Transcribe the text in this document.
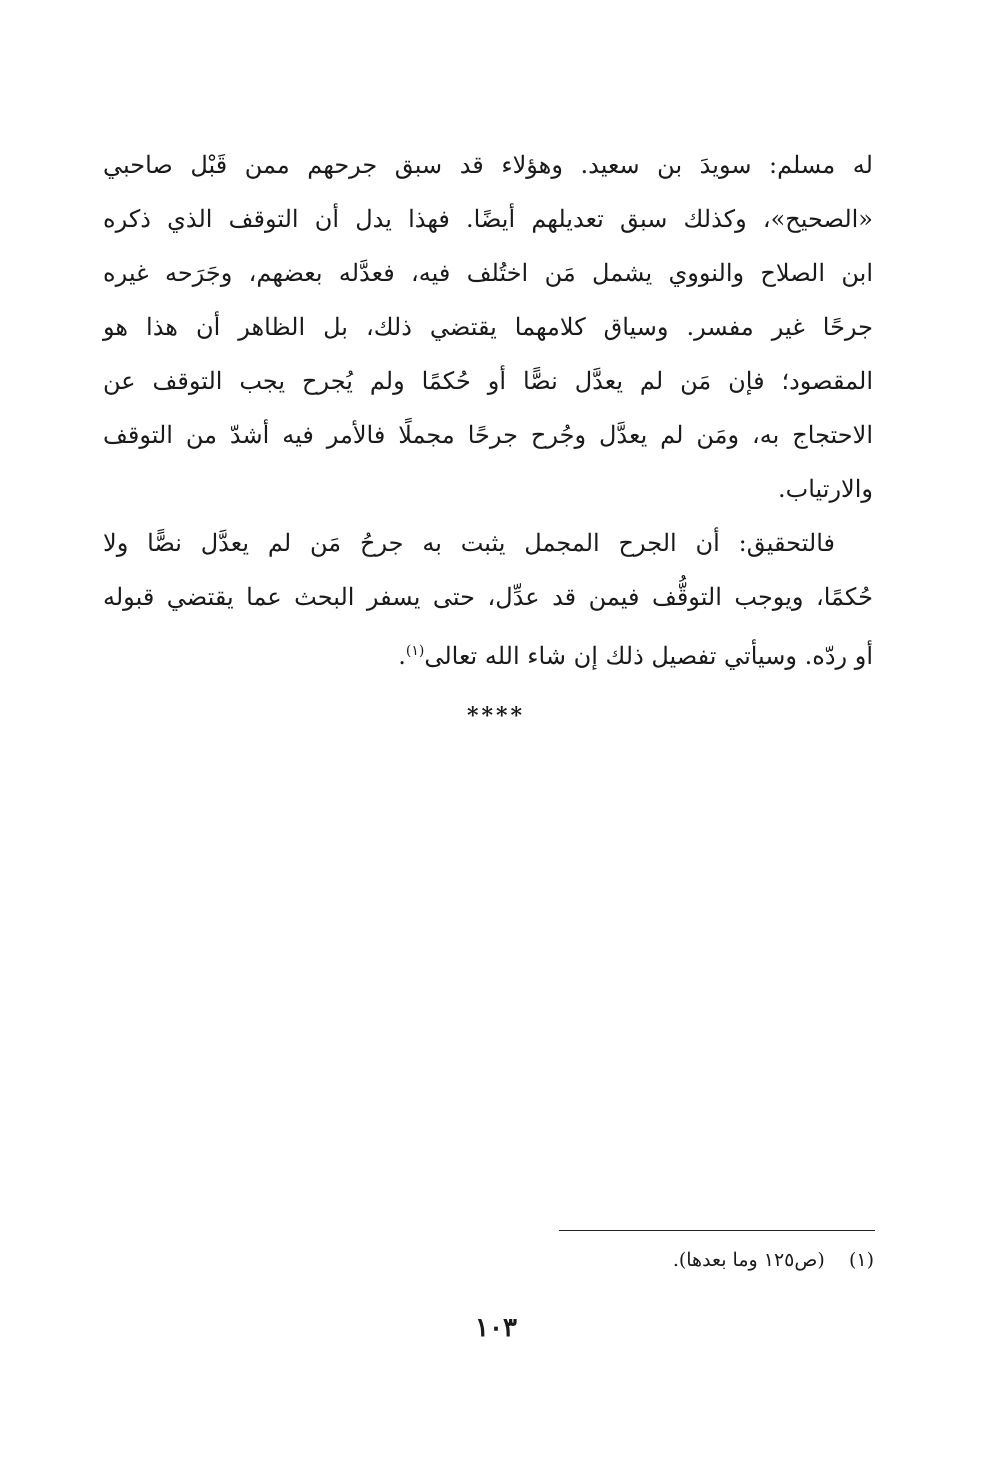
له مسلم: سويدَ بن سعيد. وهؤلاء قد سبق جرحهم ممن قَبْل صاحبي
«الصحيح»، وكذلك سبق تعديلهم أيضًا. فهذا يدل أن التوقف الذي ذكره
ابن الصلاح والنووي يشمل مَن اختُلف فيه، فعدَّله بعضهم، وجَرَحه غيره
جرحًا غير مفسر. وسياق كلامهما يقتضي ذلك، بل الظاهر أن هذا هو
المقصود؛ فإن مَن لم يعدَّل نصًّا أو حُكمًا ولم يُجرح يجب التوقف عن
الاحتجاج به، ومَن لم يعدَّل وجُرح جرحًا مجملًا فالأمر فيه أشدّ من التوقف
والارتياب.
فالتحقيق: أن الجرح المجمل يثبت به جرحُ مَن لم يعدَّل نصًّا ولا
حُكمًا، ويوجب التوقُّف فيمن قد عدِّل، حتى يسفر البحث عما يقتضي قبوله
أو ردّه. وسيأتي تفصيل ذلك إن شاء الله تعالى$^{(١)}$.
****
(١)    (ص١٢٥ وما بعدها).
١٠٣
